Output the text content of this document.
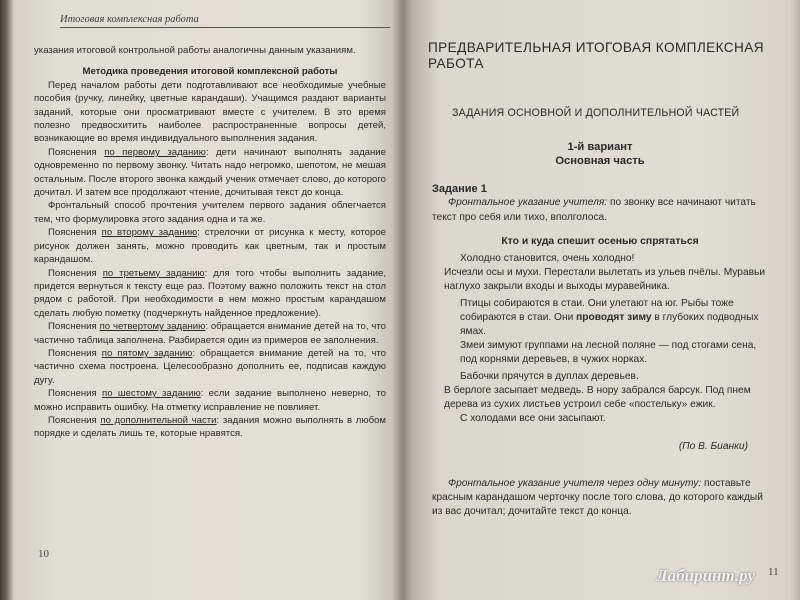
Итоговая комплексная работа

указания итоговой контрольной работы аналогичны данным указаниям.

Методика проведения итоговой комплексной работы

Перед началом работы дети подготавливают все необходимые учебные пособия (ручку, линейку, цветные карандаши). Учащимся раздают варианты заданий, которые они просматривают вместе с учителем. В это время полезно предвосхитить наиболее распространенные вопросы детей, возникающие во время индивидуального выполнения задания.

Пояснения по первому заданию: дети начинают выполнять задание одновременно по первому звонку. Читать надо негромко, шепотом, не мешая остальным. После второго звонка каждый ученик отмечает слово, до которого дочитал. И затем все продолжают чтение, дочитывая текст до конца.

Фронтальный способ прочтения учителем первого задания облегчается тем, что формулировка этого задания одна и та же.

Пояснения по второму заданию: стрелочки от рисунка к месту, которое рисунок должен занять, можно проводить как цветным, так и простым карандашом.

Пояснения по третьему заданию: для того чтобы выполнить задание, придется вернуться к тексту еще раз. Поэтому важно положить текст на стол рядом с работой. При необходимости в нем можно простым карандашом сделать любую пометку (подчеркнуть найденное предложение).

Пояснения по четвертому заданию: обращается внимание детей на то, что частично таблица заполнена. Разбирается один из примеров ее заполнения.

Пояснения по пятому заданию: обращается внимание детей на то, что частично схема построена. Целесообразно дополнить ее, подписав каждую дугу.

Пояснения по шестому заданию: если задание выполнено неверно, то можно исправить ошибку. На отметку исправление не повлияет.

Пояснения по дополнительной части: задания можно выполнять в любом порядке и сделать лишь те, которые нравятся.

10
ПРЕДВАРИТЕЛЬНАЯ ИТОГОВАЯ КОМПЛЕКСНАЯ РАБОТА
ЗАДАНИЯ ОСНОВНОЙ И ДОПОЛНИТЕЛЬНОЙ ЧАСТЕЙ
1-й вариант
Основная часть
Задание 1

Фронтальное указание учителя: по звонку все начинают читать текст про себя или тихо, вполголоса.

Кто и куда спешит осенью спрятаться

Холодно становится, очень холодно!

Исчезли осы и мухи. Перестали вылетать из ульев пчёлы. Муравьи наглухо закрыли входы и выходы муравейника.

Птицы собираются в стаи. Они улетают на юг. Рыбы тоже собираются в стаи. Они проводят зиму в глубоких подводных ямах.

Змеи зимуют группами на лесной поляне — под стогами сена, под корнями деревьев, в чужих норках.

Бабочки прячутся в дуплах деревьев.

В берлоге засыпает медведь. В нору забрался барсук. Под пнем дерева из сухих листьев устроил себе «постельку» ежик.

С холодами все они засыпают.

(По В. Бианки)

Фронтальное указание учителя через одну минуту: поставьте красным карандашом черточку после того слова, до которого каждый из вас дочитал; дочитайте текст до конца.

11
Лабиринт.ру
